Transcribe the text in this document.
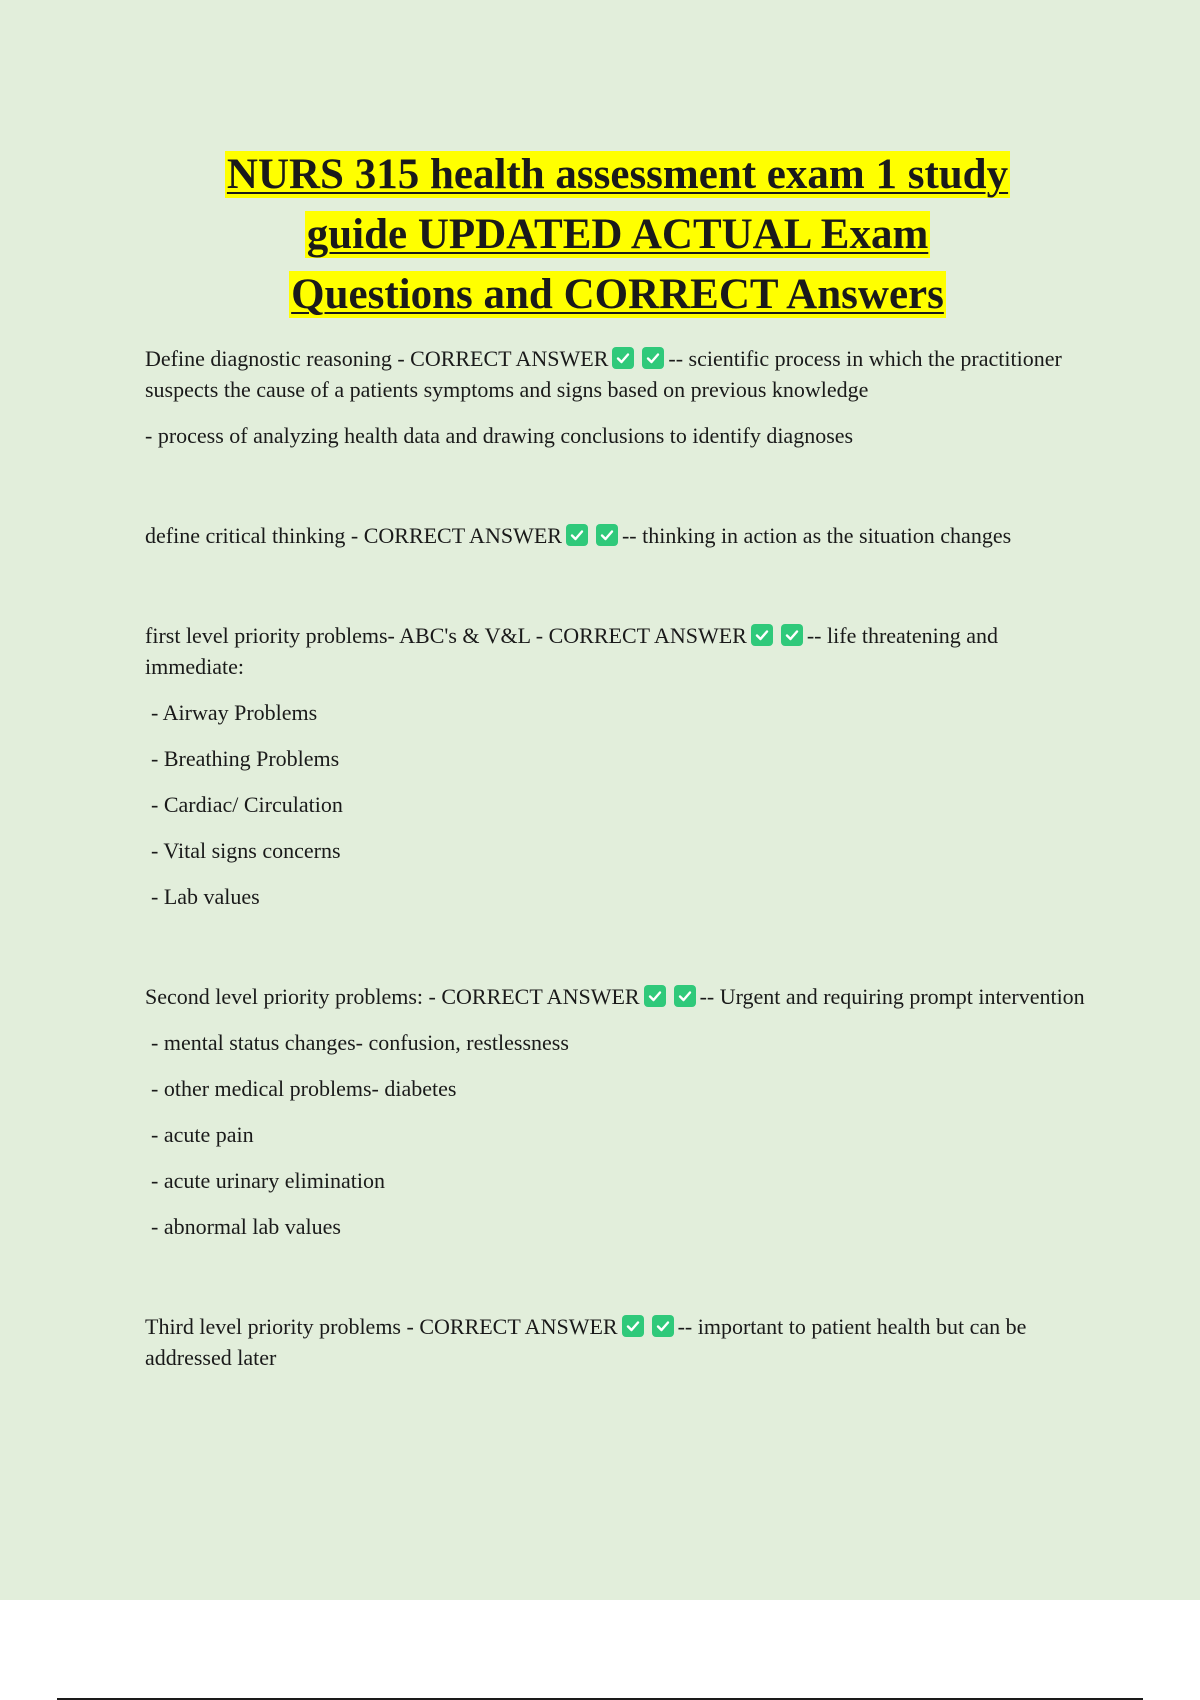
NURS 315 health assessment exam 1 study
guide UPDATED ACTUAL Exam
Questions and CORRECT Answers

Define diagnostic reasoning - CORRECT ANSWER	-- scientific process in which the practitioner suspects the cause of a patients symptoms and signs based on previous knowledge

- process of analyzing health data and drawing conclusions to identify diagnoses

define critical thinking - CORRECT ANSWER	-- thinking in action as the situation changes

first level priority problems- ABC's & V&L - CORRECT ANSWER	-- life threatening and immediate:

- Airway Problems
- Breathing Problems
- Cardiac/ Circulation
- Vital signs concerns
- Lab values

Second level priority problems: - CORRECT ANSWER	-- Urgent and requiring prompt intervention

- mental status changes- confusion, restlessness
- other medical problems- diabetes
- acute pain
- acute urinary elimination
- abnormal lab values

Third level priority problems - CORRECT ANSWER	-- important to patient health but can be addressed later
